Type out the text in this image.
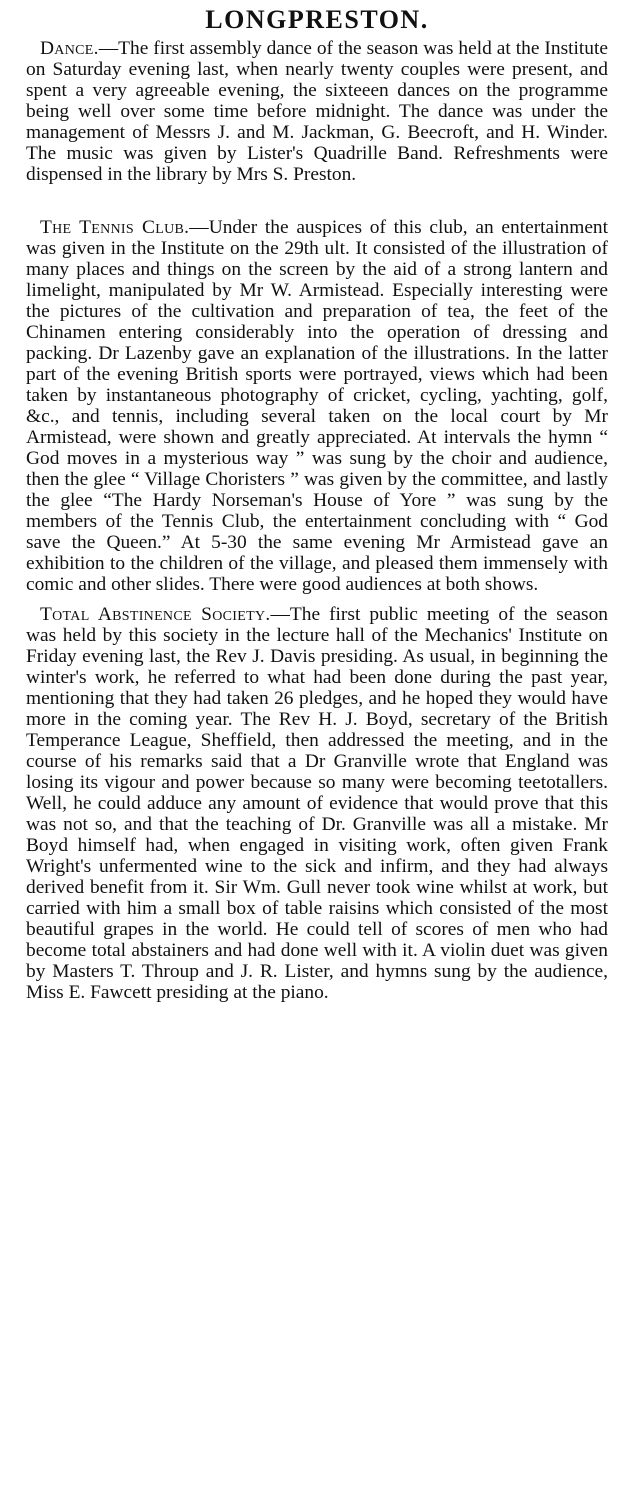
LONGPRESTON.

Dance.—The first assembly dance of the season was held at the Institute on Saturday evening last, when nearly twenty couples were present, and spent a very agreeable evening, the sixteeen dances on the programme being well over some time before midnight. The dance was under the management of Messrs J. and M. Jackman, G. Beecroft, and H. Winder. The music was given by Lister's Quadrille Band. Refreshments were dispensed in the library by Mrs S. Preston.

The Tennis Club.—Under the auspices of this club, an entertainment was given in the Institute on the 29th ult. It consisted of the illustration of many places and things on the screen by the aid of a strong lantern and limelight, manipulated by Mr W. Armistead. Especially interesting were the pictures of the cultivation and preparation of tea, the feet of the Chinamen entering considerably into the operation of dressing and packing. Dr Lazenby gave an explanation of the illustrations. In the latter part of the evening British sports were portrayed, views which had been taken by instantaneous photography of cricket, cycling, yachting, golf, &c., and tennis, including several taken on the local court by Mr Armistead, were shown and greatly appreciated. At intervals the hymn “ God moves in a mysterious way ” was sung by the choir and audience, then the glee “ Village Choristers ” was given by the committee, and lastly the glee “The Hardy Norseman's House of Yore ” was sung by the members of the Tennis Club, the entertainment concluding with “ God save the Queen.” At 5-30 the same evening Mr Armistead gave an exhibition to the children of the village, and pleased them immensely with comic and other slides. There were good audiences at both shows.

Total Abstinence Society.—The first public meeting of the season was held by this society in the lecture hall of the Mechanics' Institute on Friday evening last, the Rev J. Davis presiding. As usual, in beginning the winter's work, he referred to what had been done during the past year, mentioning that they had taken 26 pledges, and he hoped they would have more in the coming year. The Rev H. J. Boyd, secretary of the British Temperance League, Sheffield, then addressed the meeting, and in the course of his remarks said that a Dr Granville wrote that England was losing its vigour and power because so many were becoming teetotallers. Well, he could adduce any amount of evidence that would prove that this was not so, and that the teaching of Dr. Granville was all a mistake. Mr Boyd himself had, when engaged in visiting work, often given Frank Wright's unfermented wine to the sick and infirm, and they had always derived benefit from it. Sir Wm. Gull never took wine whilst at work, but carried with him a small box of table raisins which consisted of the most beautiful grapes in the world. He could tell of scores of men who had become total abstainers and had done well with it. A violin duet was given by Masters T. Throup and J. R. Lister, and hymns sung by the audience, Miss E. Fawcett presiding at the piano.
